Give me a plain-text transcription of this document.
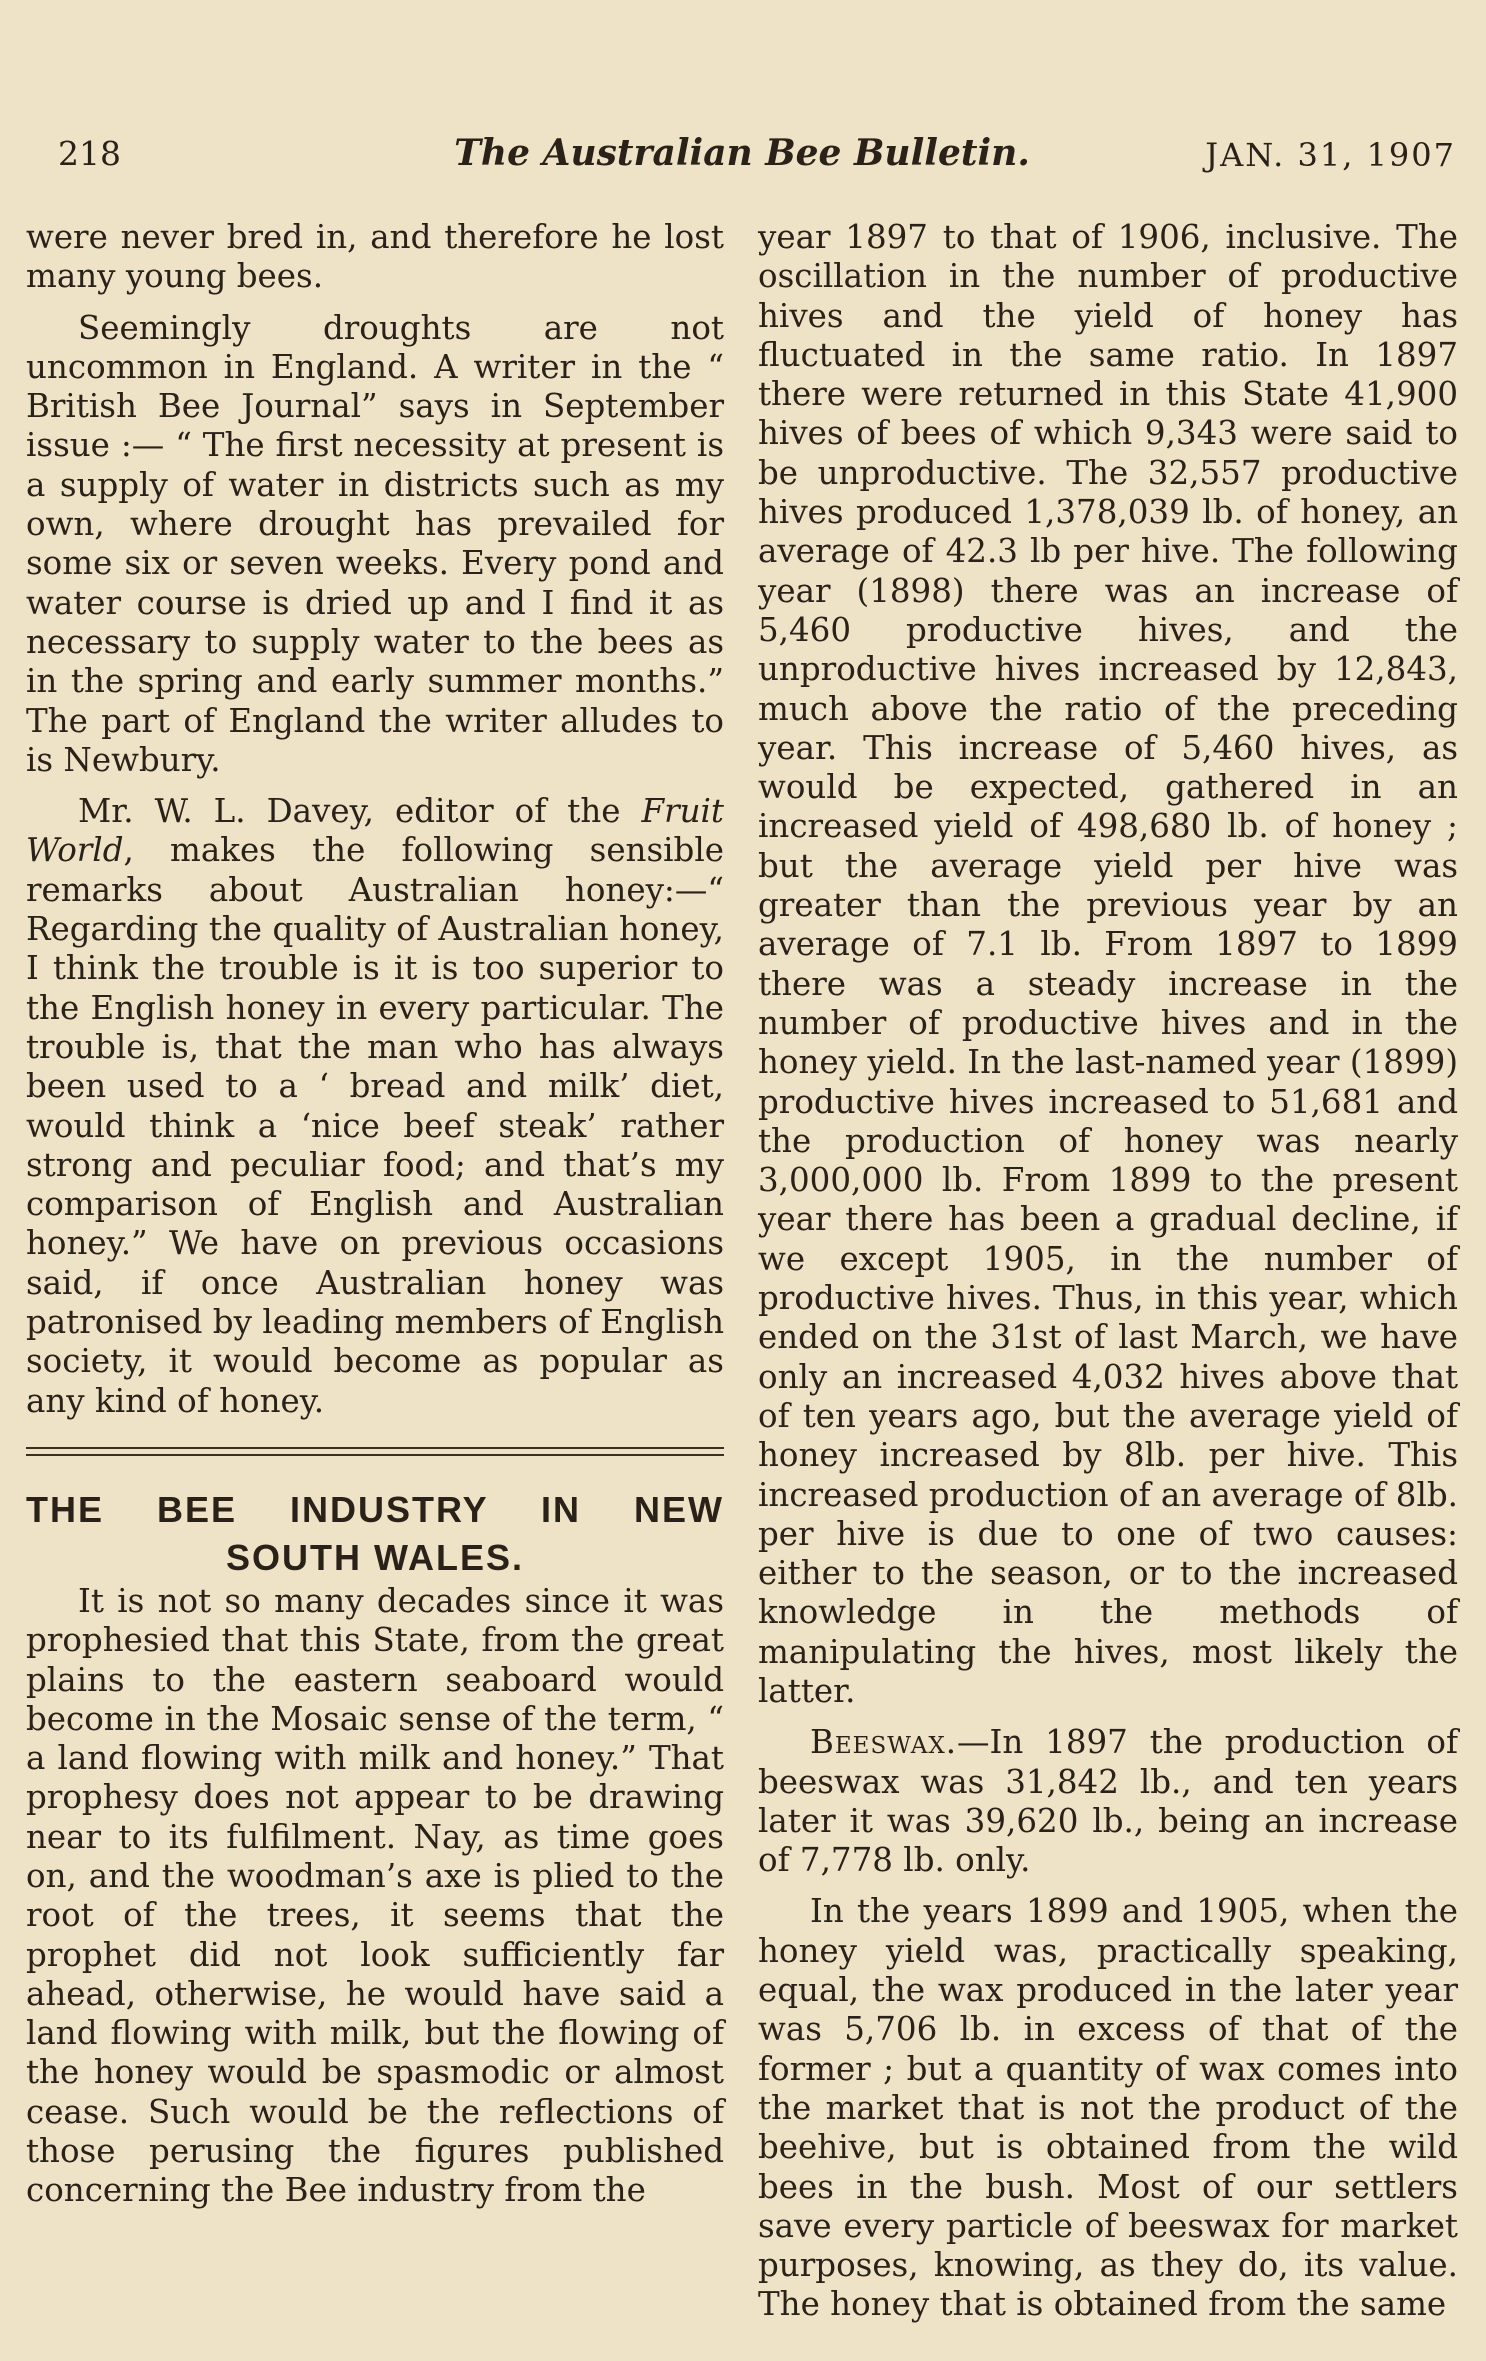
218	The Australian Bee Bulletin.	JAN. 31, 1907

were never bred in, and therefore he lost many young bees.

Seemingly droughts are not uncommon in England. A writer in the “ British Bee Journal” says in September issue :— “ The first necessity at present is a supply of water in districts such as my own, where drought has prevailed for some six or seven weeks. Every pond and water course is dried up and I find it as necessary to supply water to the bees as in the spring and early summer months.” The part of England the writer alludes to is Newbury.

Mr. W. L. Davey, editor of the Fruit World, makes the following sensible remarks about Australian honey:—“ Regarding the quality of Australian honey, I think the trouble is it is too superior to the English honey in every particular. The trouble is, that the man who has always been used to a ‘ bread and milk’ diet, would think a ‘nice beef steak’ rather strong and peculiar food; and that’s my comparison of English and Australian honey.” We have on previous occasions said, if once Australian honey was patronised by leading members of English society, it would become as popular as any kind of honey.

THE BEE INDUSTRY IN NEW
SOUTH WALES.

It is not so many decades since it was prophesied that this State, from the great plains to the eastern seaboard would become in the Mosaic sense of the term, “ a land flowing with milk and honey.” That prophesy does not appear to be drawing near to its fulfilment. Nay, as time goes on, and the woodman’s axe is plied to the root of the trees, it seems that the prophet did not look sufficiently far ahead, otherwise, he would have said a land flowing with milk, but the flowing of the honey would be spasmodic or almost cease. Such would be the reflections of those perusing the figures published concerning the Bee industry from the

year 1897 to that of 1906, inclusive. The oscillation in the number of productive hives and the yield of honey has fluctuated in the same ratio. In 1897 there were returned in this State 41,900 hives of bees of which 9,343 were said to be unproductive. The 32,557 productive hives produced 1,378,039 lb. of honey, an average of 42.3 lb per hive. The following year (1898) there was an increase of 5,460 productive hives, and the unproductive hives increased by 12,843, much above the ratio of the preceding year. This increase of 5,460 hives, as would be expected, gathered in an increased yield of 498,680 lb. of honey ; but the average yield per hive was greater than the previous year by an average of 7.1 lb. From 1897 to 1899 there was a steady increase in the number of productive hives and in the honey yield. In the last-named year (1899) productive hives increased to 51,681 and the production of honey was nearly 3,000,000 lb. From 1899 to the present year there has been a gradual decline, if we except 1905, in the number of productive hives. Thus, in this year, which ended on the 31st of last March, we have only an increased 4,032 hives above that of ten years ago, but the average yield of honey increased by 8lb. per hive. This increased production of an average of 8lb. per hive is due to one of two causes: either to the season, or to the increased knowledge in the methods of manipulating the hives, most likely the latter.

Beeswax.—In 1897 the production of beeswax was 31,842 lb., and ten years later it was 39,620 lb., being an increase of 7,778 lb. only.

In the years 1899 and 1905, when the honey yield was, practically speaking, equal, the wax produced in the later year was 5,706 lb. in excess of that of the former ; but a quantity of wax comes into the market that is not the product of the beehive, but is obtained from the wild bees in the bush. Most of our settlers save every particle of beeswax for market purposes, knowing, as they do, its value. The honey that is obtained from the same
